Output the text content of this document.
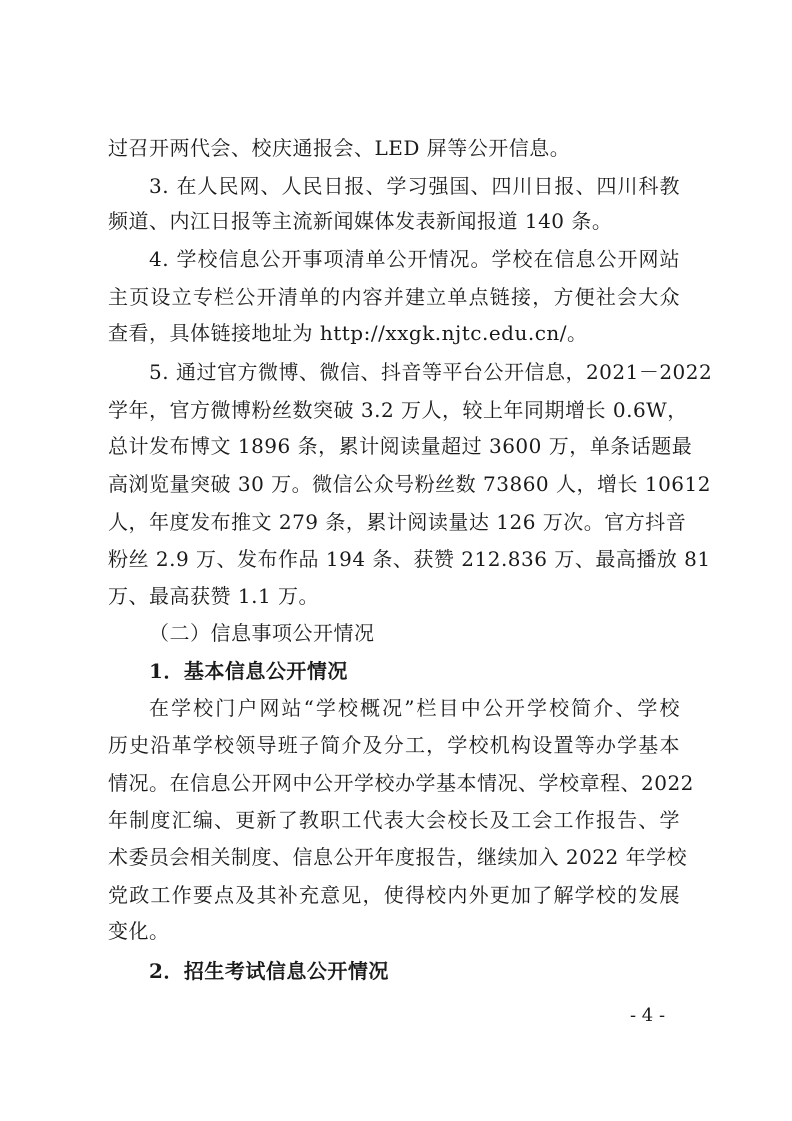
过召开两代会、校庆通报会、LED 屏等公开信息。
3. 在人民网、人民日报、学习强国、四川日报、四川科教
频道、内江日报等主流新闻媒体发表新闻报道 140 条。
4. 学校信息公开事项清单公开情况。学校在信息公开网站
主页设立专栏公开清单的内容并建立单点链接，方便社会大众
查看，具体链接地址为 http://xxgk.njtc.edu.cn/。
5. 通过官方微博、微信、抖音等平台公开信息，2021－2022
学年，官方微博粉丝数突破 3.2 万人，较上年同期增长 0.6W，
总计发布博文 1896 条，累计阅读量超过 3600 万，单条话题最
高浏览量突破 30 万。微信公众号粉丝数 73860 人，增长 10612
人，年度发布推文 279 条，累计阅读量达 126 万次。官方抖音
粉丝 2.9 万、发布作品 194 条、获赞 212.836 万、最高播放 81
万、最高获赞 1.1 万。
（二）信息事项公开情况
1．基本信息公开情况
在学校门户网站“学校概况”栏目中公开学校简介、学校
历史沿革学校领导班子简介及分工，学校机构设置等办学基本
情况。在信息公开网中公开学校办学基本情况、学校章程、2022
年制度汇编、更新了教职工代表大会校长及工会工作报告、学
术委员会相关制度、信息公开年度报告，继续加入 2022 年学校
党政工作要点及其补充意见，使得校内外更加了解学校的发展
变化。
2．招生考试信息公开情况
- 4 -
